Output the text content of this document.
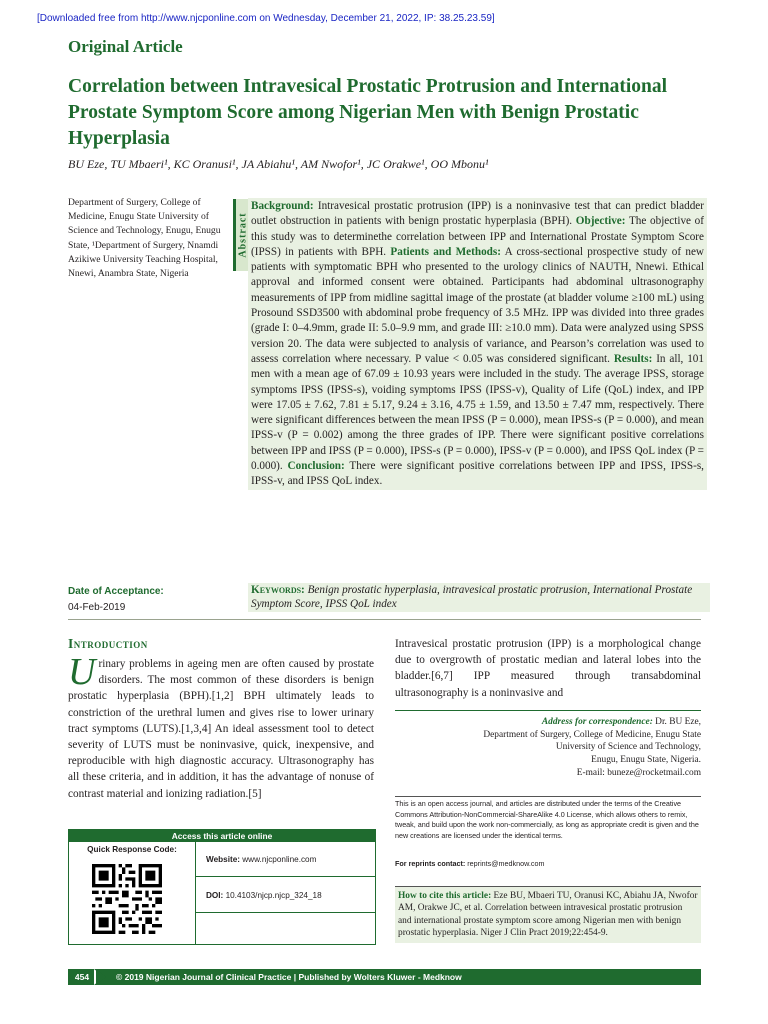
[Downloaded free from http://www.njcponline.com on Wednesday, December 21, 2022, IP: 38.25.23.59]
Original Article
Correlation between Intravesical Prostatic Protrusion and International Prostate Symptom Score among Nigerian Men with Benign Prostatic Hyperplasia
BU Eze, TU Mbaeri¹, KC Oranusi¹, JA Abiahu¹, AM Nwofor¹, JC Orakwe¹, OO Mbonu¹
Department of Surgery, College of Medicine, Enugu State University of Science and Technology, Enugu, Enugu State, ¹Department of Surgery, Nnamdi Azikiwe University Teaching Hospital, Nnewi, Anambra State, Nigeria
Date of Acceptance:
04-Feb-2019
Abstract
Background: Intravesical prostatic protrusion (IPP) is a noninvasive test that can predict bladder outlet obstruction in patients with benign prostatic hyperplasia (BPH). Objective: The objective of this study was to determinethe correlation between IPP and International Prostate Symptom Score (IPSS) in patients with BPH. Patients and Methods: A cross‑sectional prospective study of new patients with symptomatic BPH who presented to the urology clinics of NAUTH, Nnewi. Ethical approval and informed consent were obtained. Participants had abdominal ultrasonography measurements of IPP from midline sagittal image of the prostate (at bladder volume ≥100 mL) using Prosound SSD3500 with abdominal probe frequency of 3.5 MHz. IPP was divided into three grades (grade I: 0–4.9mm, grade II: 5.0–9.9 mm, and grade III: ≥10.0 mm). Data were analyzed using SPSS version 20. The data were subjected to analysis of variance, and Pearson’s correlation was used to assess correlation where necessary. P value < 0.05 was considered significant. Results: In all, 101 men with a mean age of 67.09 ± 10.93 years were included in the study. The average IPSS, storage symptoms IPSS (IPSS‑s), voiding symptoms IPSS (IPSS‑v), Quality of Life (QoL) index, and IPP were 17.05 ± 7.62, 7.81 ± 5.17, 9.24 ± 3.16, 4.75 ± 1.59, and 13.50 ± 7.47 mm, respectively. There were significant differences between the mean IPSS (P = 0.000), mean IPSS‑s (P = 0.000), and mean IPSS‑v (P = 0.002) among the three grades of IPP. There were significant positive correlations between IPP and IPSS (P = 0.000), IPSS‑s (P = 0.000), IPSS‑v (P = 0.000), and IPSS QoL index (P = 0.000). Conclusion: There were significant positive correlations between IPP and IPSS, IPSS‑s, IPSS‑v, and IPSS QoL index.
Keywords: Benign prostatic hyperplasia, intravesical prostatic protrusion, International Prostate Symptom Score, IPSS QoL index
Introduction
Urinary problems in ageing men are often caused by prostate disorders. The most common of these disorders is benign prostatic hyperplasia (BPH).[1,2] BPH ultimately leads to constriction of the urethral lumen and gives rise to lower urinary tract symptoms (LUTS).[1,3,4] An ideal assessment tool to detect severity of LUTS must be noninvasive, quick, inexpensive, and reproducible with high diagnostic accuracy. Ultrasonography has all these criteria, and in addition, it has the advantage of nonuse of contrast material and ionizing radiation.[5]
Intravesical prostatic protrusion (IPP) is a morphological change due to overgrowth of prostatic median and lateral lobes into the bladder.[6,7] IPP measured through transabdominal ultrasonography is a noninvasive and
Address for correspondence: Dr. BU Eze,
Department of Surgery, College of Medicine, Enugu State
University of Science and Technology,
Enugu, Enugu State, Nigeria.
E-mail: buneze@rocketmail.com
This is an open access journal, and articles are distributed under the terms of the Creative Commons Attribution‑NonCommercial‑ShareAlike 4.0 License, which allows others to remix, tweak, and build upon the work non‑commercially, as long as appropriate credit is given and the new creations are licensed under the identical terms.
For reprints contact: reprints@medknow.com
How to cite this article: Eze BU, Mbaeri TU, Oranusi KC, Abiahu JA, Nwofor AM, Orakwe JC, et al. Correlation between intravesical prostatic protrusion and international prostate symptom score among Nigerian men with benign prostatic hyperplasia. Niger J Clin Pract 2019;22:454‑9.
Access this article online
Quick Response Code:
Website: www.njcponline.com
DOI: 10.4103/njcp.njcp_324_18
454	© 2019 Nigerian Journal of Clinical Practice | Published by Wolters Kluwer - Medknow
